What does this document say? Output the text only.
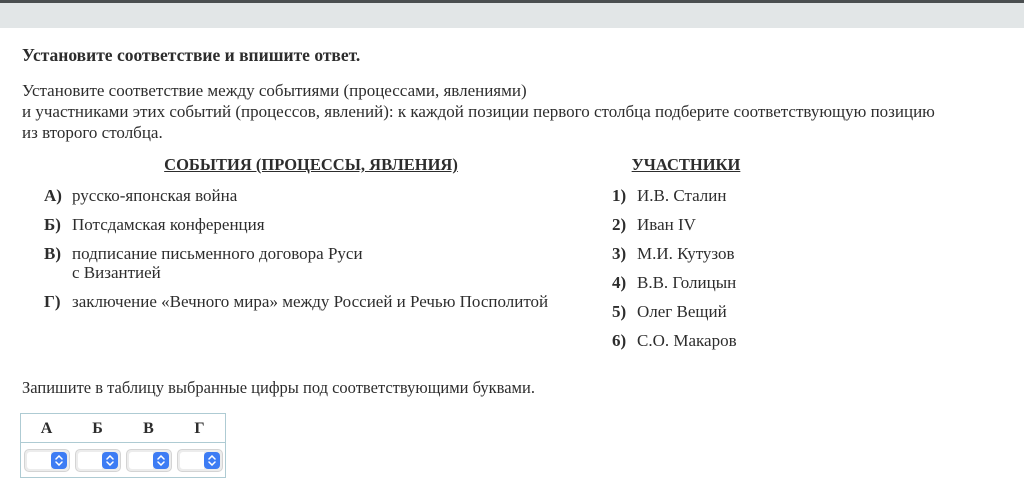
Установите соответствие и впишите ответ.
Установите соответствие между событиями (процессами, явлениями)
и участниками этих событий (процессов, явлений): к каждой позиции первого столбца подберите соответствующую позицию
из второго столбца.
СОБЫТИЯ (ПРОЦЕССЫ, ЯВЛЕНИЯ)
А) русско-японская война
Б) Потсдамская конференция
В) подписание письменного договора Руси
с Византией
Г) заключение «Вечного мира» между Россией и Речью Посполитой
УЧАСТНИКИ
1) И.В. Сталин
2) Иван IV
3) М.И. Кутузов
4) В.В. Голицын
5) Олег Вещий
6) С.О. Макаров
Запишите в таблицу выбранные цифры под соответствующими буквами.
А	Б	В	Г
